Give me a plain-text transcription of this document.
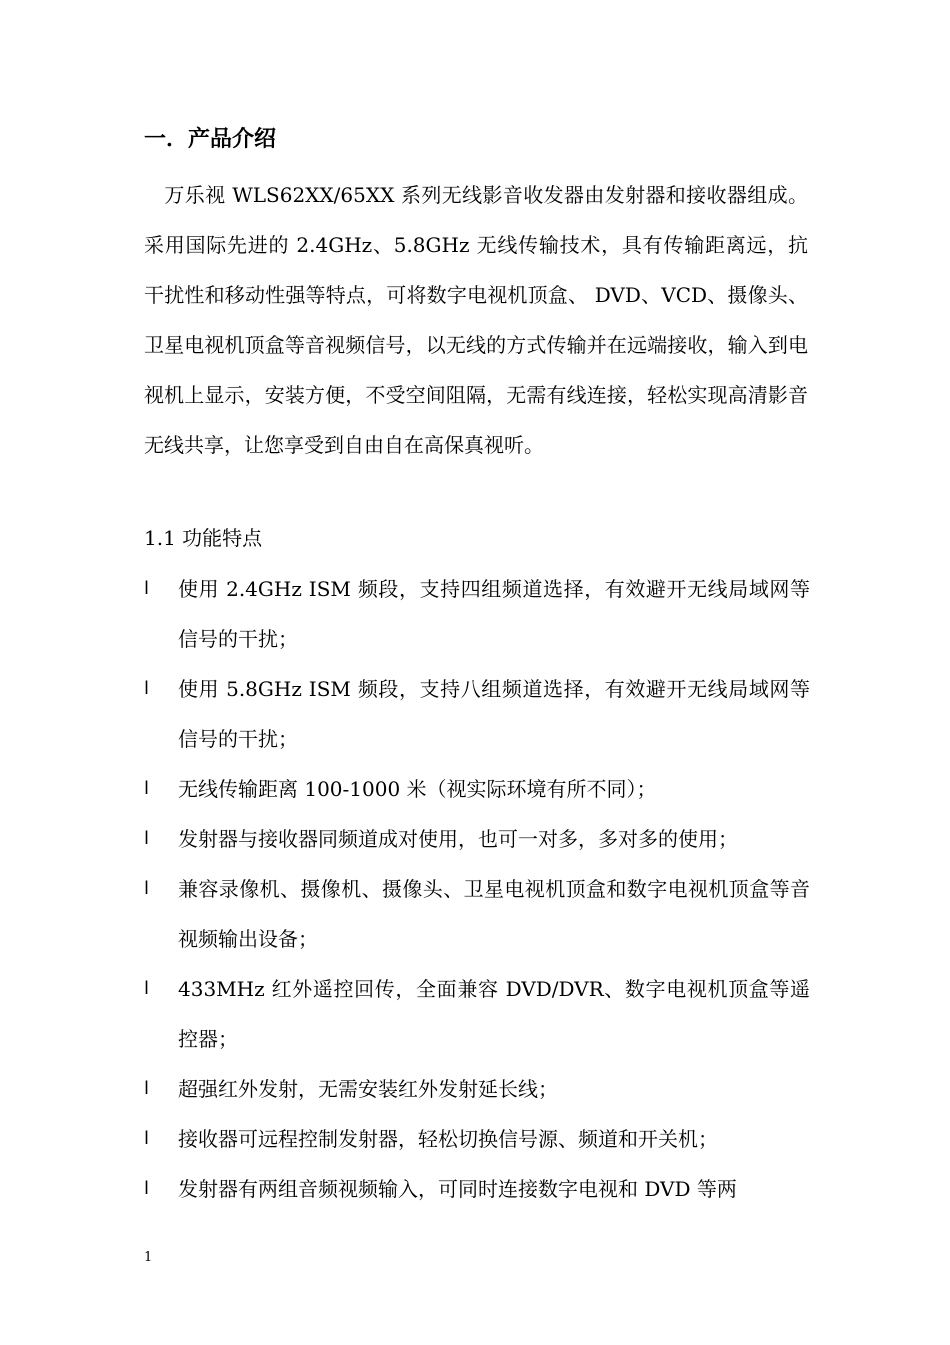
一．产品介绍

万乐视 WLS62XX/65XX 系列无线影音收发器由发射器和接收器组成。采用国际先进的 2.4GHz、5.8GHz 无线传输技术，具有传输距离远，抗干扰性和移动性强等特点，可将数字电视机顶盒、 DVD、VCD、摄像头、卫星电视机顶盒等音视频信号，以无线的方式传输并在远端接收，输入到电视机上显示，安装方便，不受空间阻隔，无需有线连接，轻松实现高清影音无线共享，让您享受到自由自在高保真视听。

1.1 功能特点
l 使用 2.4GHz ISM 频段，支持四组频道选择，有效避开无线局域网等信号的干扰；
l 使用 5.8GHz ISM 频段，支持八组频道选择，有效避开无线局域网等信号的干扰；
l 无线传输距离 100-1000 米（视实际环境有所不同）；
l 发射器与接收器同频道成对使用，也可一对多，多对多的使用；
l 兼容录像机、摄像机、摄像头、卫星电视机顶盒和数字电视机顶盒等音视频输出设备；
l 433MHz 红外遥控回传，全面兼容 DVD/DVR、数字电视机顶盒等遥控器；
l 超强红外发射，无需安装红外发射延长线；
l 接收器可远程控制发射器，轻松切换信号源、频道和开关机；
l 发射器有两组音频视频输入，可同时连接数字电视和 DVD 等两
1
